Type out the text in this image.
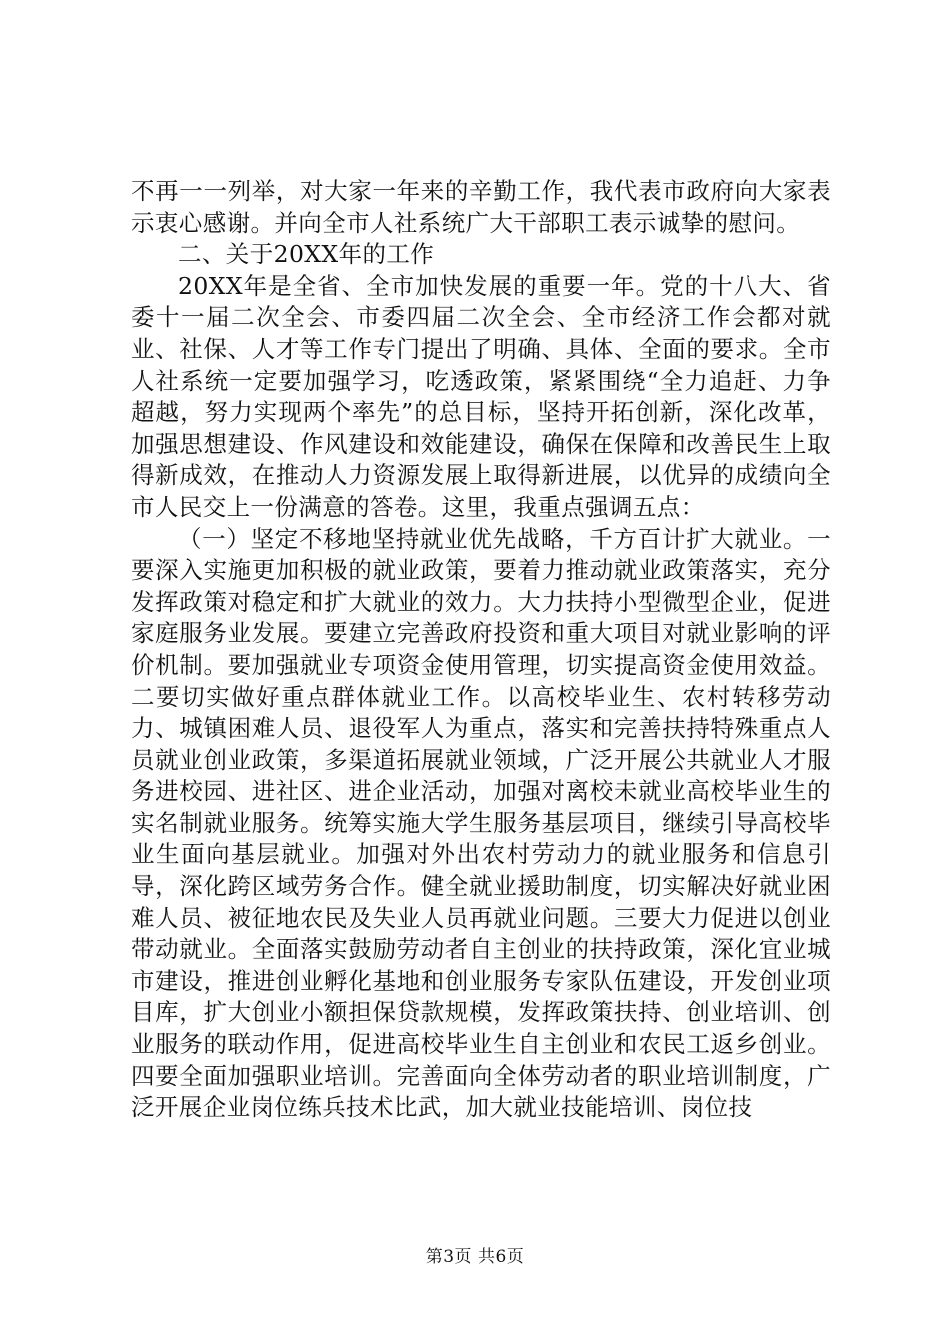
不再一一列举，对大家一年来的辛勤工作，我代表市政府向大家表示衷心感谢。并向全市人社系统广大干部职工表示诚挚的慰问。

二、关于20XX年的工作

20XX年是全省、全市加快发展的重要一年。党的十八大、省委十一届二次全会、市委四届二次全会、全市经济工作会都对就业、社保、人才等工作专门提出了明确、具体、全面的要求。全市人社系统一定要加强学习，吃透政策，紧紧围绕“全力追赶、力争超越，努力实现两个率先”的总目标，坚持开拓创新，深化改革，加强思想建设、作风建设和效能建设，确保在保障和改善民生上取得新成效，在推动人力资源发展上取得新进展，以优异的成绩向全市人民交上一份满意的答卷。这里，我重点强调五点：

（一）坚定不移地坚持就业优先战略，千方百计扩大就业。一要深入实施更加积极的就业政策，要着力推动就业政策落实，充分发挥政策对稳定和扩大就业的效力。大力扶持小型微型企业，促进家庭服务业发展。要建立完善政府投资和重大项目对就业影响的评价机制。要加强就业专项资金使用管理，切实提高资金使用效益。二要切实做好重点群体就业工作。以高校毕业生、农村转移劳动力、城镇困难人员、退役军人为重点，落实和完善扶持特殊重点人员就业创业政策，多渠道拓展就业领域，广泛开展公共就业人才服务进校园、进社区、进企业活动，加强对离校未就业高校毕业生的实名制就业服务。统筹实施大学生服务基层项目，继续引导高校毕业生面向基层就业。加强对外出农村劳动力的就业服务和信息引导，深化跨区域劳务合作。健全就业援助制度，切实解决好就业困难人员、被征地农民及失业人员再就业问题。三要大力促进以创业带动就业。全面落实鼓励劳动者自主创业的扶持政策，深化宜业城市建设，推进创业孵化基地和创业服务专家队伍建设，开发创业项目库，扩大创业小额担保贷款规模，发挥政策扶持、创业培训、创业服务的联动作用，促进高校毕业生自主创业和农民工返乡创业。四要全面加强职业培训。完善面向全体劳动者的职业培训制度，广泛开展企业岗位练兵技术比武，加大就业技能培训、岗位技

第3页 共6页
